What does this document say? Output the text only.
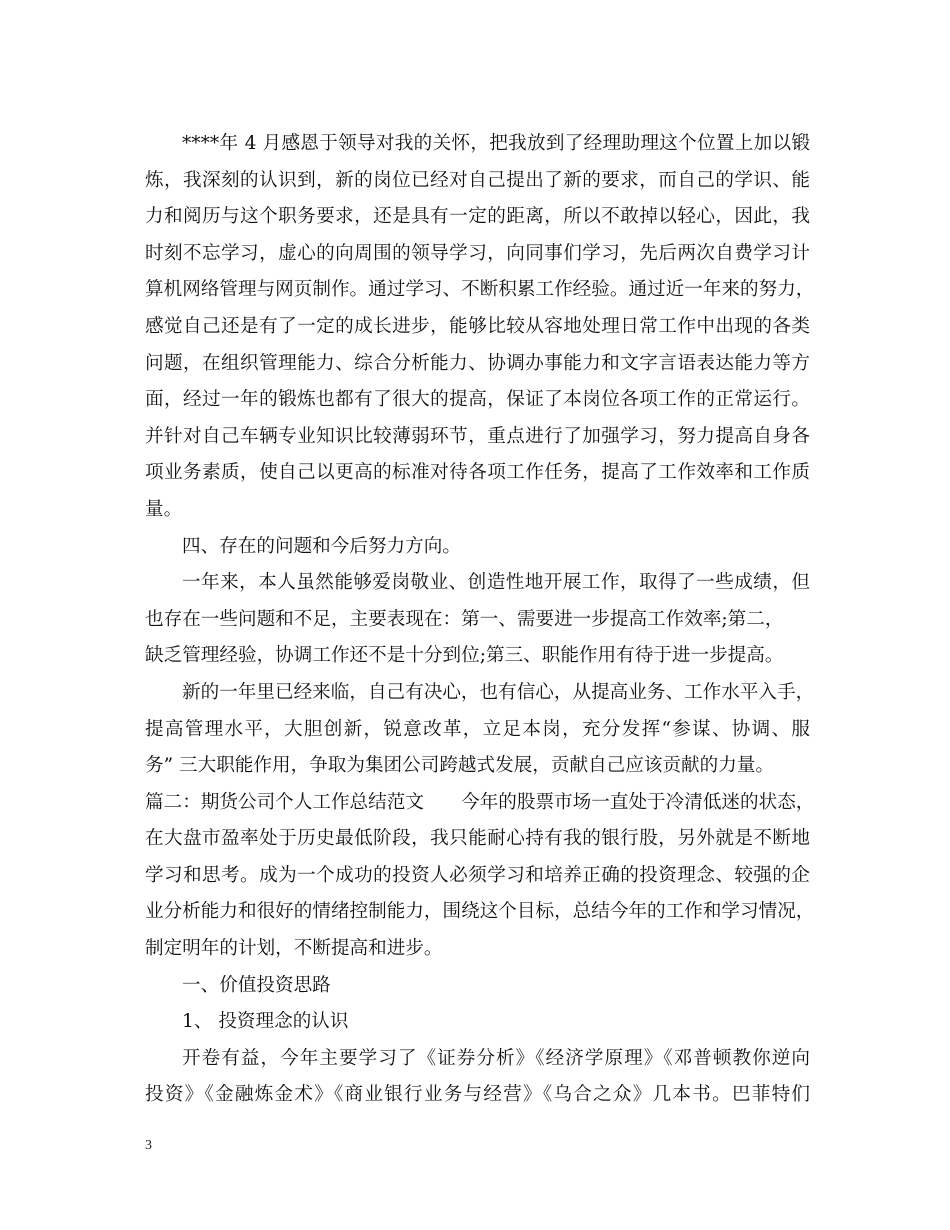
****年 4 月感恩于领导对我的关怀，把我放到了经理助理这个位置上加以锻
炼，我深刻的认识到，新的岗位已经对自己提出了新的要求，而自己的学识、能
力和阅历与这个职务要求，还是具有一定的距离，所以不敢掉以轻心，因此，我
时刻不忘学习，虚心的向周围的领导学习，向同事们学习，先后两次自费学习计
算机网络管理与网页制作。通过学习、不断积累工作经验。通过近一年来的努力，
感觉自己还是有了一定的成长进步，能够比较从容地处理日常工作中出现的各类
问题，在组织管理能力、综合分析能力、协调办事能力和文字言语表达能力等方
面，经过一年的锻炼也都有了很大的提高，保证了本岗位各项工作的正常运行。
并针对自己车辆专业知识比较薄弱环节，重点进行了加强学习，努力提高自身各
项业务素质，使自己以更高的标准对待各项工作任务，提高了工作效率和工作质
量。
四、存在的问题和今后努力方向。
一年来，本人虽然能够爱岗敬业、创造性地开展工作，取得了一些成绩，但
也存在一些问题和不足，主要表现在：第一、需要进一步提高工作效率;第二，
缺乏管理经验，协调工作还不是十分到位;第三、职能作用有待于进一步提高。
新的一年里已经来临，自己有决心，也有信心，从提高业务、工作水平入手，
提高管理水平，大胆创新，锐意改革，立足本岗，充分发挥“参谋、协调、服
务” 三大职能作用，争取为集团公司跨越式发展，贡献自己应该贡献的力量。
篇二：期货公司个人工作总结范文　　今年的股票市场一直处于冷清低迷的状态，
在大盘市盈率处于历史最低阶段，我只能耐心持有我的银行股，另外就是不断地
学习和思考。成为一个成功的投资人必须学习和培养正确的投资理念、较强的企
业分析能力和很好的情绪控制能力，围绕这个目标，总结今年的工作和学习情况，
制定明年的计划，不断提高和进步。
一、价值投资思路
1、 投资理念的认识
开卷有益，今年主要学习了《证券分析》《经济学原理》《邓普顿教你逆向
投资》《金融炼金术》《商业银行业务与经营》《乌合之众》几本书。巴菲特们
3
